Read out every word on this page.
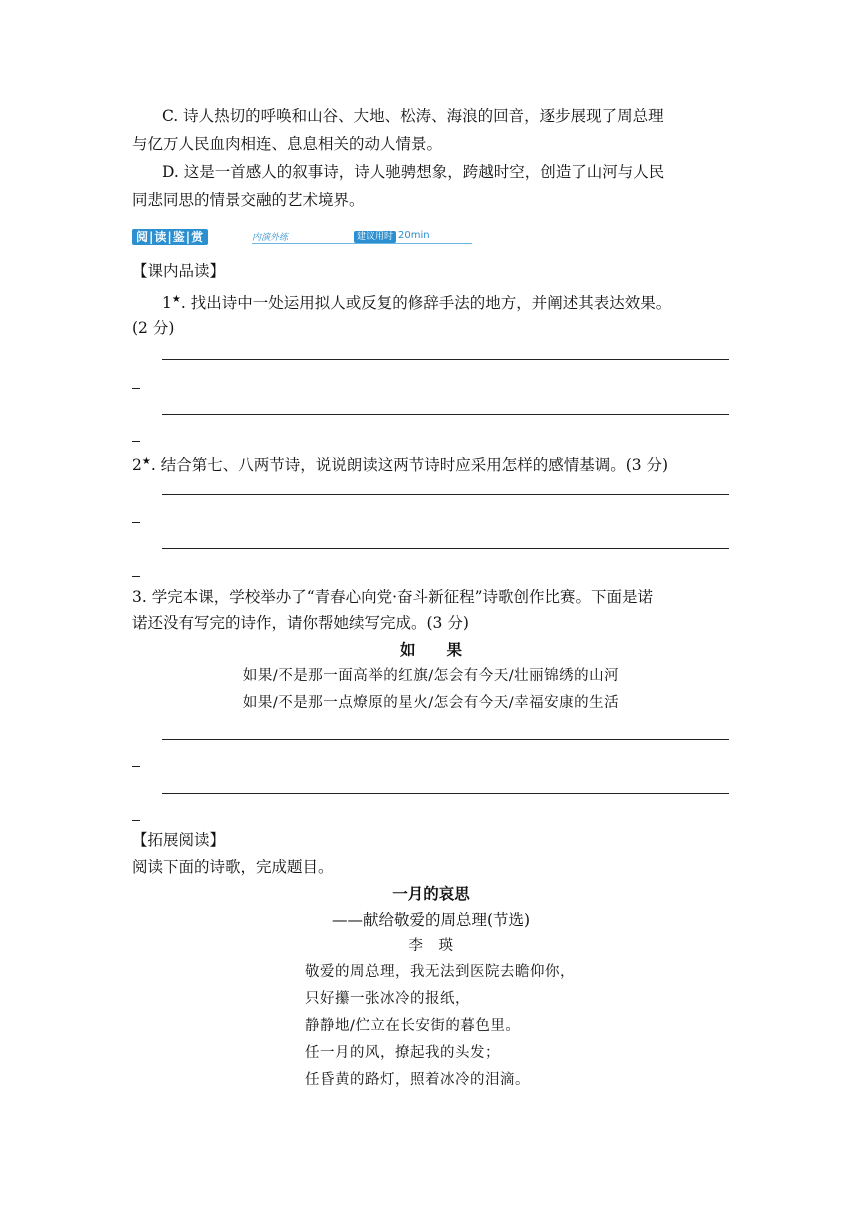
C. 诗人热切的呼唤和山谷、大地、松涛、海浪的回音，逐步展现了周总理
与亿万人民血肉相连、息息相关的动人情景。
D. 这是一首感人的叙事诗，诗人驰骋想象，跨越时空，创造了山河与人民
同悲同思的情景交融的艺术境界。
阅|读|鉴|赏	内演外练	建议用时 20min
【课内品读】
1★. 找出诗中一处运用拟人或反复的修辞手法的地方，并阐述其表达效果。
(2 分)
2★. 结合第七、八两节诗，说说朗读这两节诗时应采用怎样的感情基调。(3 分)
3. 学完本课，学校举办了“青春心向党·奋斗新征程”诗歌创作比赛。下面是诺
诺还没有写完的诗作，请你帮她续写完成。(3 分)
如　　果
如果/不是那一面高举的红旗/怎会有今天/壮丽锦绣的山河
如果/不是那一点燎原的星火/怎会有今天/幸福安康的生活
【拓展阅读】
阅读下面的诗歌，完成题目。
一月的哀思
——献给敬爱的周总理(节选)
李　瑛
敬爱的周总理，我无法到医院去瞻仰你，
只好攥一张冰冷的报纸，
静静地/伫立在长安街的暮色里。
任一月的风，撩起我的头发；
任昏黄的路灯，照着冰冷的泪滴。
